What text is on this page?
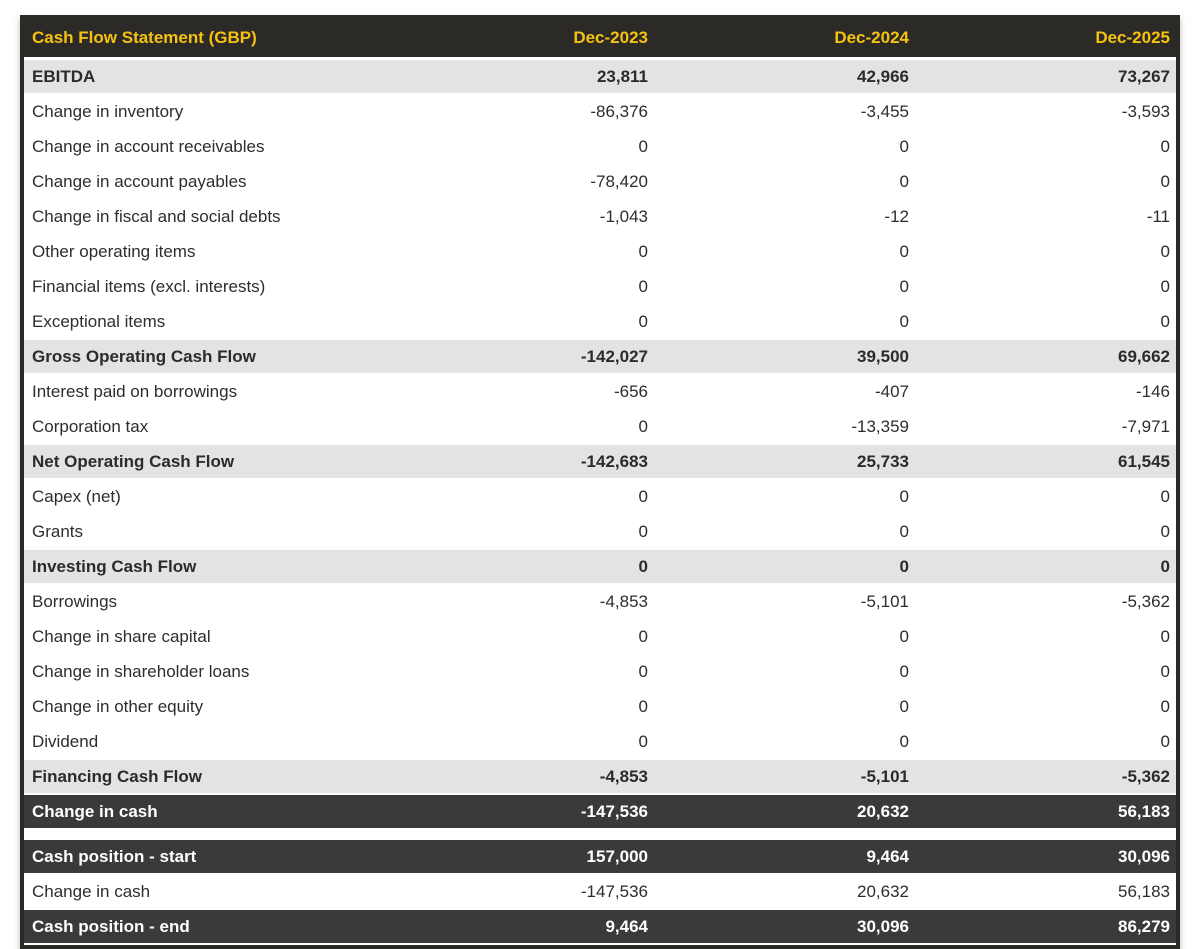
Cash Flow Statement (GBP)	Dec-2023	Dec-2024	Dec-2025
EBITDA	23,811	42,966	73,267
Change in inventory	-86,376	-3,455	-3,593
Change in account receivables	0	0	0
Change in account payables	-78,420	0	0
Change in fiscal and social debts	-1,043	-12	-11
Other operating items	0	0	0
Financial items (excl. interests)	0	0	0
Exceptional items	0	0	0
Gross Operating Cash Flow	-142,027	39,500	69,662
Interest paid on borrowings	-656	-407	-146
Corporation tax	0	-13,359	-7,971
Net Operating Cash Flow	-142,683	25,733	61,545
Capex (net)	0	0	0
Grants	0	0	0
Investing Cash Flow	0	0	0
Borrowings	-4,853	-5,101	-5,362
Change in share capital	0	0	0
Change in shareholder loans	0	0	0
Change in other equity	0	0	0
Dividend	0	0	0
Financing Cash Flow	-4,853	-5,101	-5,362
Change in cash	-147,536	20,632	56,183

Cash position - start	157,000	9,464	30,096
Change in cash	-147,536	20,632	56,183
Cash position - end	9,464	30,096	86,279
